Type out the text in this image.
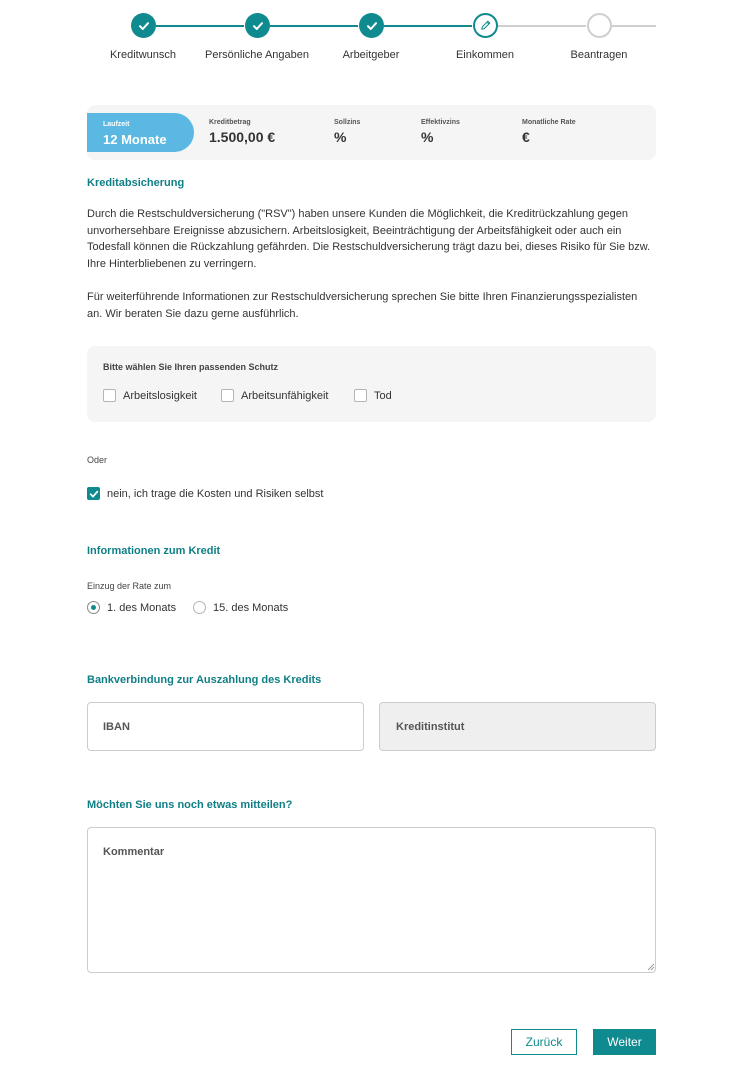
Kreditwunsch	Persönliche Angaben	Arbeitgeber	Einkommen	Beantragen
Laufzeit
12 Monate
Kreditbetrag
1.500,00 €
Sollzins
%
Effektivzins
%
Monatliche Rate
€
Kreditabsicherung
Durch die Restschuldversicherung ("RSV") haben unsere Kunden die Möglichkeit, die Kreditrückzahlung gegen
unvorhersehbare Ereignisse abzusichern. Arbeitslosigkeit, Beeinträchtigung der Arbeitsfähigkeit oder auch ein
Todesfall können die Rückzahlung gefährden. Die Restschuldversicherung trägt dazu bei, dieses Risiko für Sie bzw.
Ihre Hinterbliebenen zu verringern.
Für weiterführende Informationen zur Restschuldversicherung sprechen Sie bitte Ihren Finanzierungsspezialisten
an. Wir beraten Sie dazu gerne ausführlich.
Bitte wählen Sie Ihren passenden Schutz
Arbeitslosigkeit	Arbeitsunfähigkeit	Tod
Oder
nein, ich trage die Kosten und Risiken selbst
Informationen zum Kredit
Einzug der Rate zum
1. des Monats	15. des Monats
Bankverbindung zur Auszahlung des Kredits
IBAN	Kreditinstitut
Möchten Sie uns noch etwas mitteilen?
Kommentar
Zurück	Weiter
